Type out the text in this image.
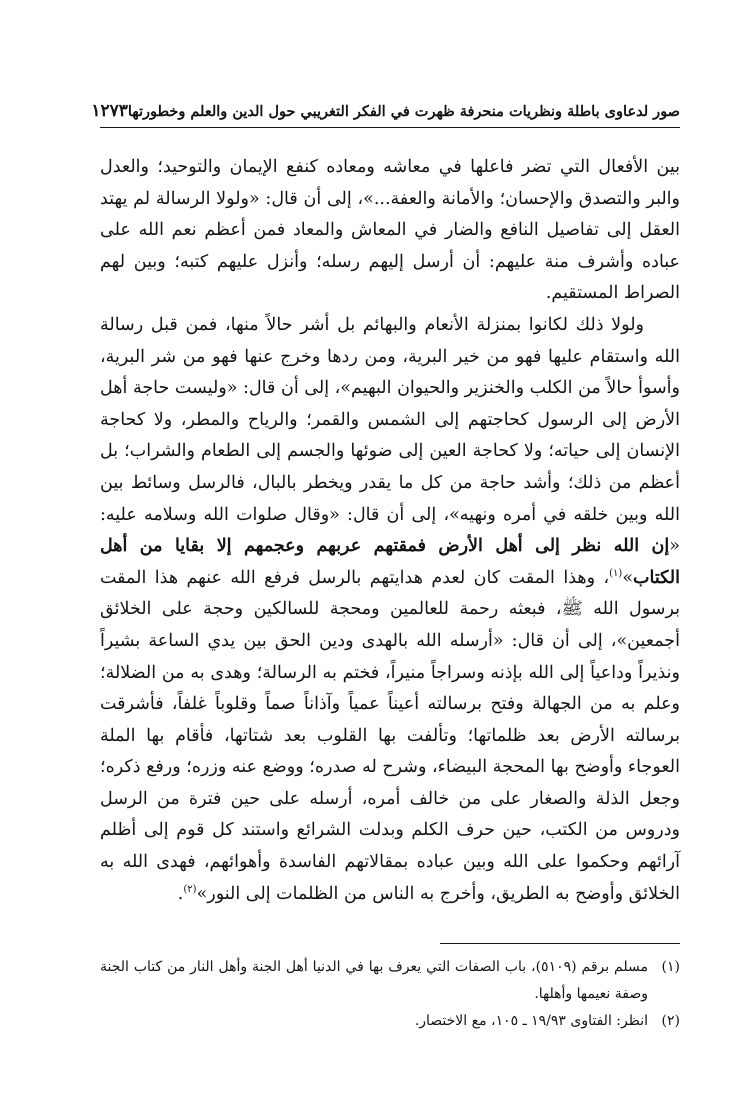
صور لدعاوى باطلة ونظريات منحرفة ظهرت في الفكر التغريبي حول الدين والعلم وخطورتها
١٢٧٣

بين الأفعال التي تضر فاعلها في معاشه ومعاده كنفع الإيمان والتوحيد؛ والعدل والبر والتصدق والإحسان؛ والأمانة والعفة...»، إلى أن قال: «ولولا الرسالة لم يهتد العقل إلى تفاصيل النافع والضار في المعاش والمعاد فمن أعظم نعم الله على عباده وأشرف منة عليهم: أن أرسل إليهم رسله؛ وأنزل عليهم كتبه؛ وبين لهم الصراط المستقيم.

ولولا ذلك لكانوا بمنزلة الأنعام والبهائم بل أشر حالاً منها، فمن قبل رسالة الله واستقام عليها فهو من خير البرية، ومن ردها وخرج عنها فهو من شر البرية، وأسوأ حالاً من الكلب والخنزير والحيوان البهيم»، إلى أن قال: «وليست حاجة أهل الأرض إلى الرسول كحاجتهم إلى الشمس والقمر؛ والرياح والمطر، ولا كحاجة الإنسان إلى حياته؛ ولا كحاجة العين إلى ضوئها والجسم إلى الطعام والشراب؛ بل أعظم من ذلك؛ وأشد حاجة من كل ما يقدر ويخطر بالبال، فالرسل وسائط بين الله وبين خلقه في أمره ونهيه»، إلى أن قال: «وقال صلوات الله وسلامه عليه: «إن الله نظر إلى أهل الأرض فمقتهم عربهم وعجمهم إلا بقايا من أهل الكتاب»$^{(١)}$، وهذا المقت كان لعدم هدايتهم بالرسل فرفع الله عنهم هذا المقت برسول الله ﷺ، فبعثه رحمة للعالمين ومحجة للسالكين وحجة على الخلائق أجمعين»، إلى أن قال: «أرسله الله بالهدى ودين الحق بين يدي الساعة بشيراً ونذيراً وداعياً إلى الله بإذنه وسراجاً منيراً، فختم به الرسالة؛ وهدى به من الضلالة؛ وعلم به من الجهالة وفتح برسالته أعيناً عمياً وآذاناً صماً وقلوباً غلفاً، فأشرقت برسالته الأرض بعد ظلماتها؛ وتألفت بها القلوب بعد شتاتها، فأقام بها الملة العوجاء وأوضح بها المحجة البيضاء، وشرح له صدره؛ ووضع عنه وزره؛ ورفع ذكره؛ وجعل الذلة والصغار على من خالف أمره، أرسله على حين فترة من الرسل ودروس من الكتب، حين حرف الكلم وبدلت الشرائع واستند كل قوم إلى أظلم آرائهم وحكموا على الله وبين عباده بمقالاتهم الفاسدة وأهوائهم، فهدى الله به الخلائق وأوضح به الطريق، وأخرج به الناس من الظلمات إلى النور»$^{(٢)}$.

(١)
مسلم برقم (٥١٠٩)، باب الصفات التي يعرف بها في الدنيا أهل الجنة وأهل النار من كتاب الجنة وصفة نعيمها وأهلها.
(٢)
انظر: الفتاوى ١٩/٩٣ ـ ١٠٥، مع الاختصار.
